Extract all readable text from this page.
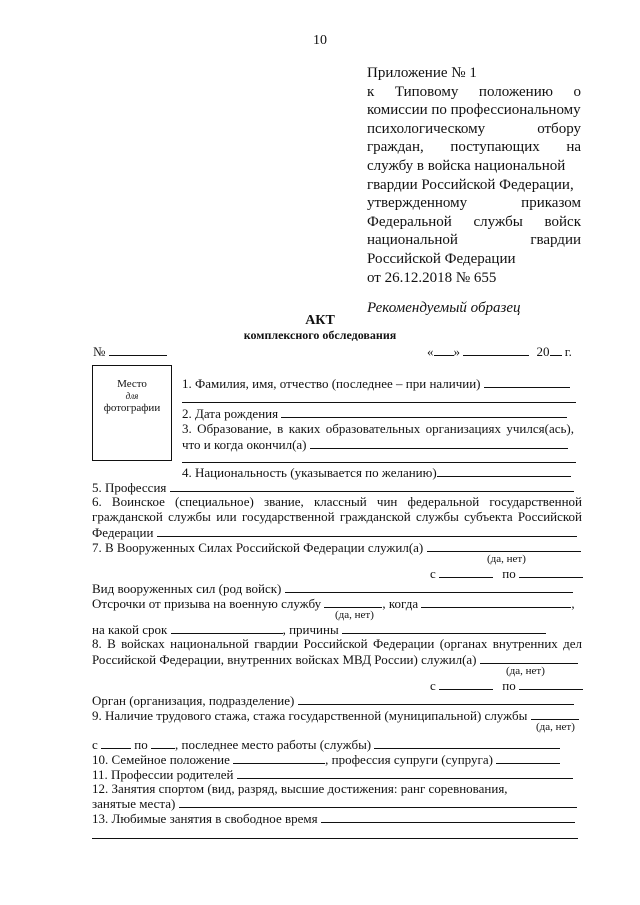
10
Приложение № 1
к Типовому положению о
комиссии по профессиональному
психологическому отбору
граждан, поступающих на
службу в войска национальной
гвардии Российской Федерации,
утвержденному приказом
Федеральной службы войск
национальной гвардии
Российской Федерации
от 26.12.2018 № 655
Рекомендуемый образец
АКТ
комплексного обследования
№	« »	20 г.
Место
для
фотографии
1. Фамилия, имя, отчество (последнее – при наличии)
2. Дата рождения
3. Образование, в каких образовательных организациях учился(ась),
что и когда окончил(а)
4. Национальность (указывается по желанию)
5. Профессия
6. Воинское (специальное) звание, классный чин федеральной государственной
гражданской службы или государственной гражданской службы субъекта Российской
Федерации
7. В Вооруженных Силах Российской Федерации служил(а)
(да, нет)
с	по
Вид вооруженных сил (род войск)
Отсрочки от призыва на военную службу	, когда	,
(да, нет)
на какой срок	, причины
8. В войсках национальной гвардии Российской Федерации (органах внутренних дел
Российской Федерации, внутренних войсках МВД России) служил(а)
(да, нет)
с	по
Орган (организация, подразделение)
9. Наличие трудового стажа, стажа государственной (муниципальной) службы
(да, нет)
с	по , последнее место работы (службы)
10. Семейное положение	, профессия супруги (супруга)
11. Профессии родителей
12. Занятия спортом (вид, разряд, высшие достижения: ранг соревнования,
занятые места)
13. Любимые занятия в свободное время
